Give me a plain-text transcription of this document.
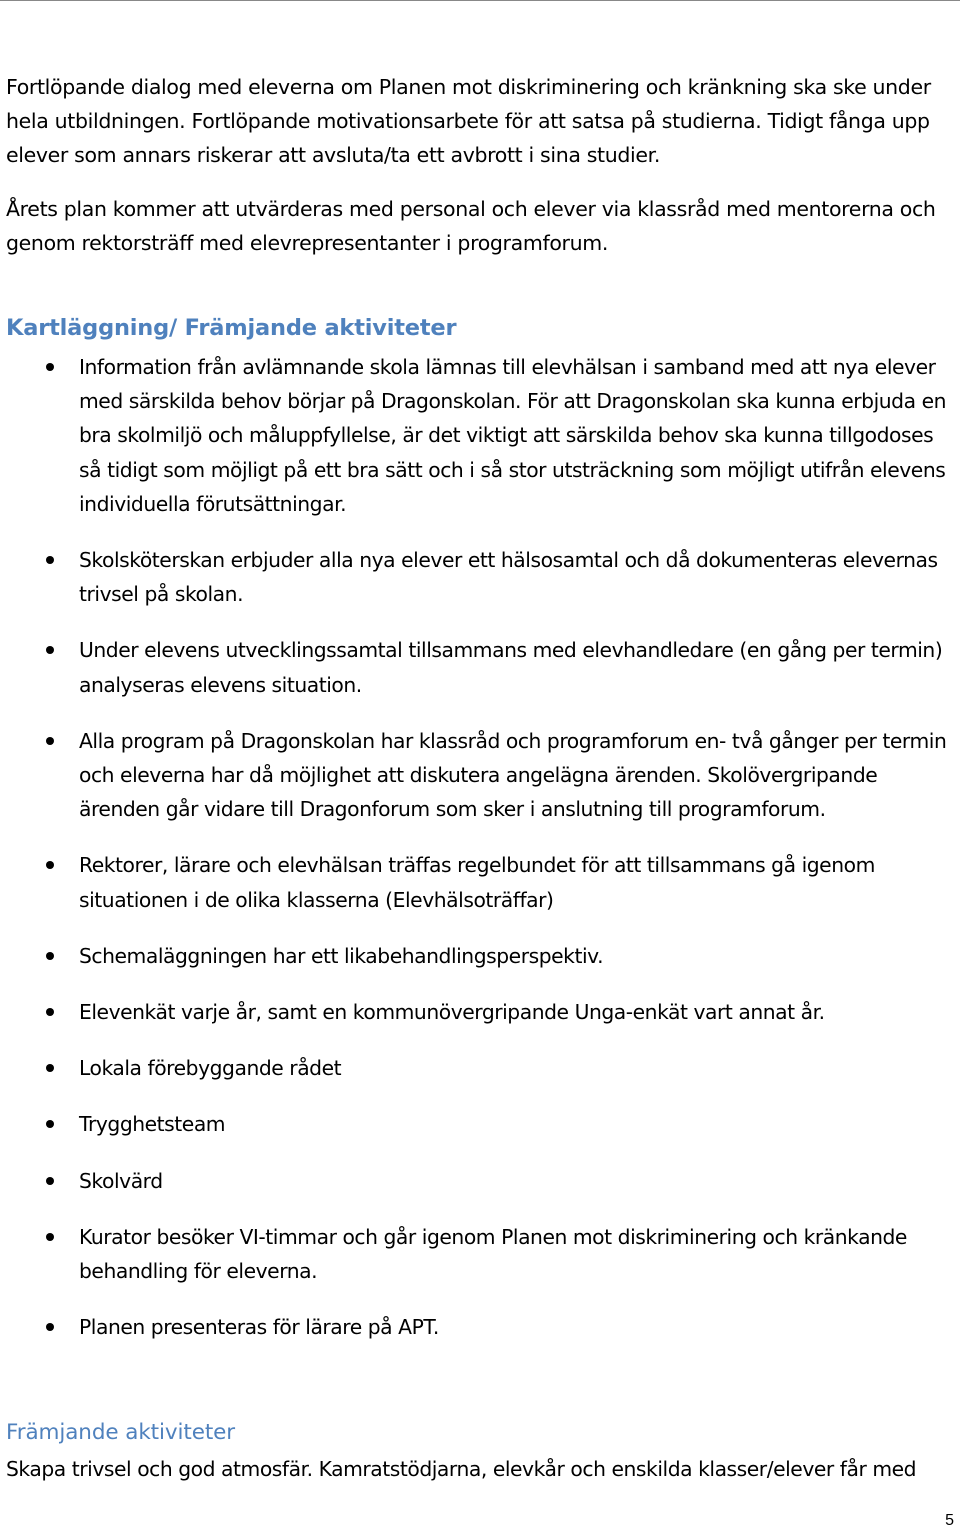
Fortlöpande dialog med eleverna om Planen mot diskriminering och kränkning ska ske under hela utbildningen. Fortlöpande motivationsarbete för att satsa på studierna. Tidigt fånga upp elever som annars riskerar att avsluta/ta ett avbrott i sina studier.

Årets plan kommer att utvärderas med personal och elever via klassråd med mentorerna och genom rektorsträff med elevrepresentanter i programforum.

Kartläggning/ Främjande aktiviteter
Information från avlämnande skola lämnas till elevhälsan i samband med att nya elever med särskilda behov börjar på Dragonskolan. För att Dragonskolan ska kunna erbjuda en bra skolmiljö och måluppfyllelse, är det viktigt att särskilda behov ska kunna tillgodoses så tidigt som möjligt på ett bra sätt och i så stor utsträckning som möjligt utifrån elevens individuella förutsättningar.
Skolsköterskan erbjuder alla nya elever ett hälsosamtal och då dokumenteras elevernas trivsel på skolan.
Under elevens utvecklingssamtal tillsammans med elevhandledare (en gång per termin) analyseras elevens situation.
Alla program på Dragonskolan har klassråd och programforum en- två gånger per termin och eleverna har då möjlighet att diskutera angelägna ärenden. Skolövergripande ärenden går vidare till Dragonforum som sker i anslutning till programforum.
Rektorer, lärare och elevhälsan träffas regelbundet för att tillsammans gå igenom situationen i de olika klasserna (Elevhälsoträffar)
Schemaläggningen har ett likabehandlingsperspektiv.
Elevenkät varje år, samt en kommunövergripande Unga-enkät vart annat år.
Lokala förebyggande rådet
Trygghetsteam
Skolvärd
Kurator besöker VI-timmar och går igenom Planen mot diskriminering och kränkande behandling för eleverna.
Planen presenteras för lärare på APT.
Främjande aktiviteter

Skapa trivsel och god atmosfär. Kamratstödjarna, elevkår och enskilda klasser/elever får med

5
